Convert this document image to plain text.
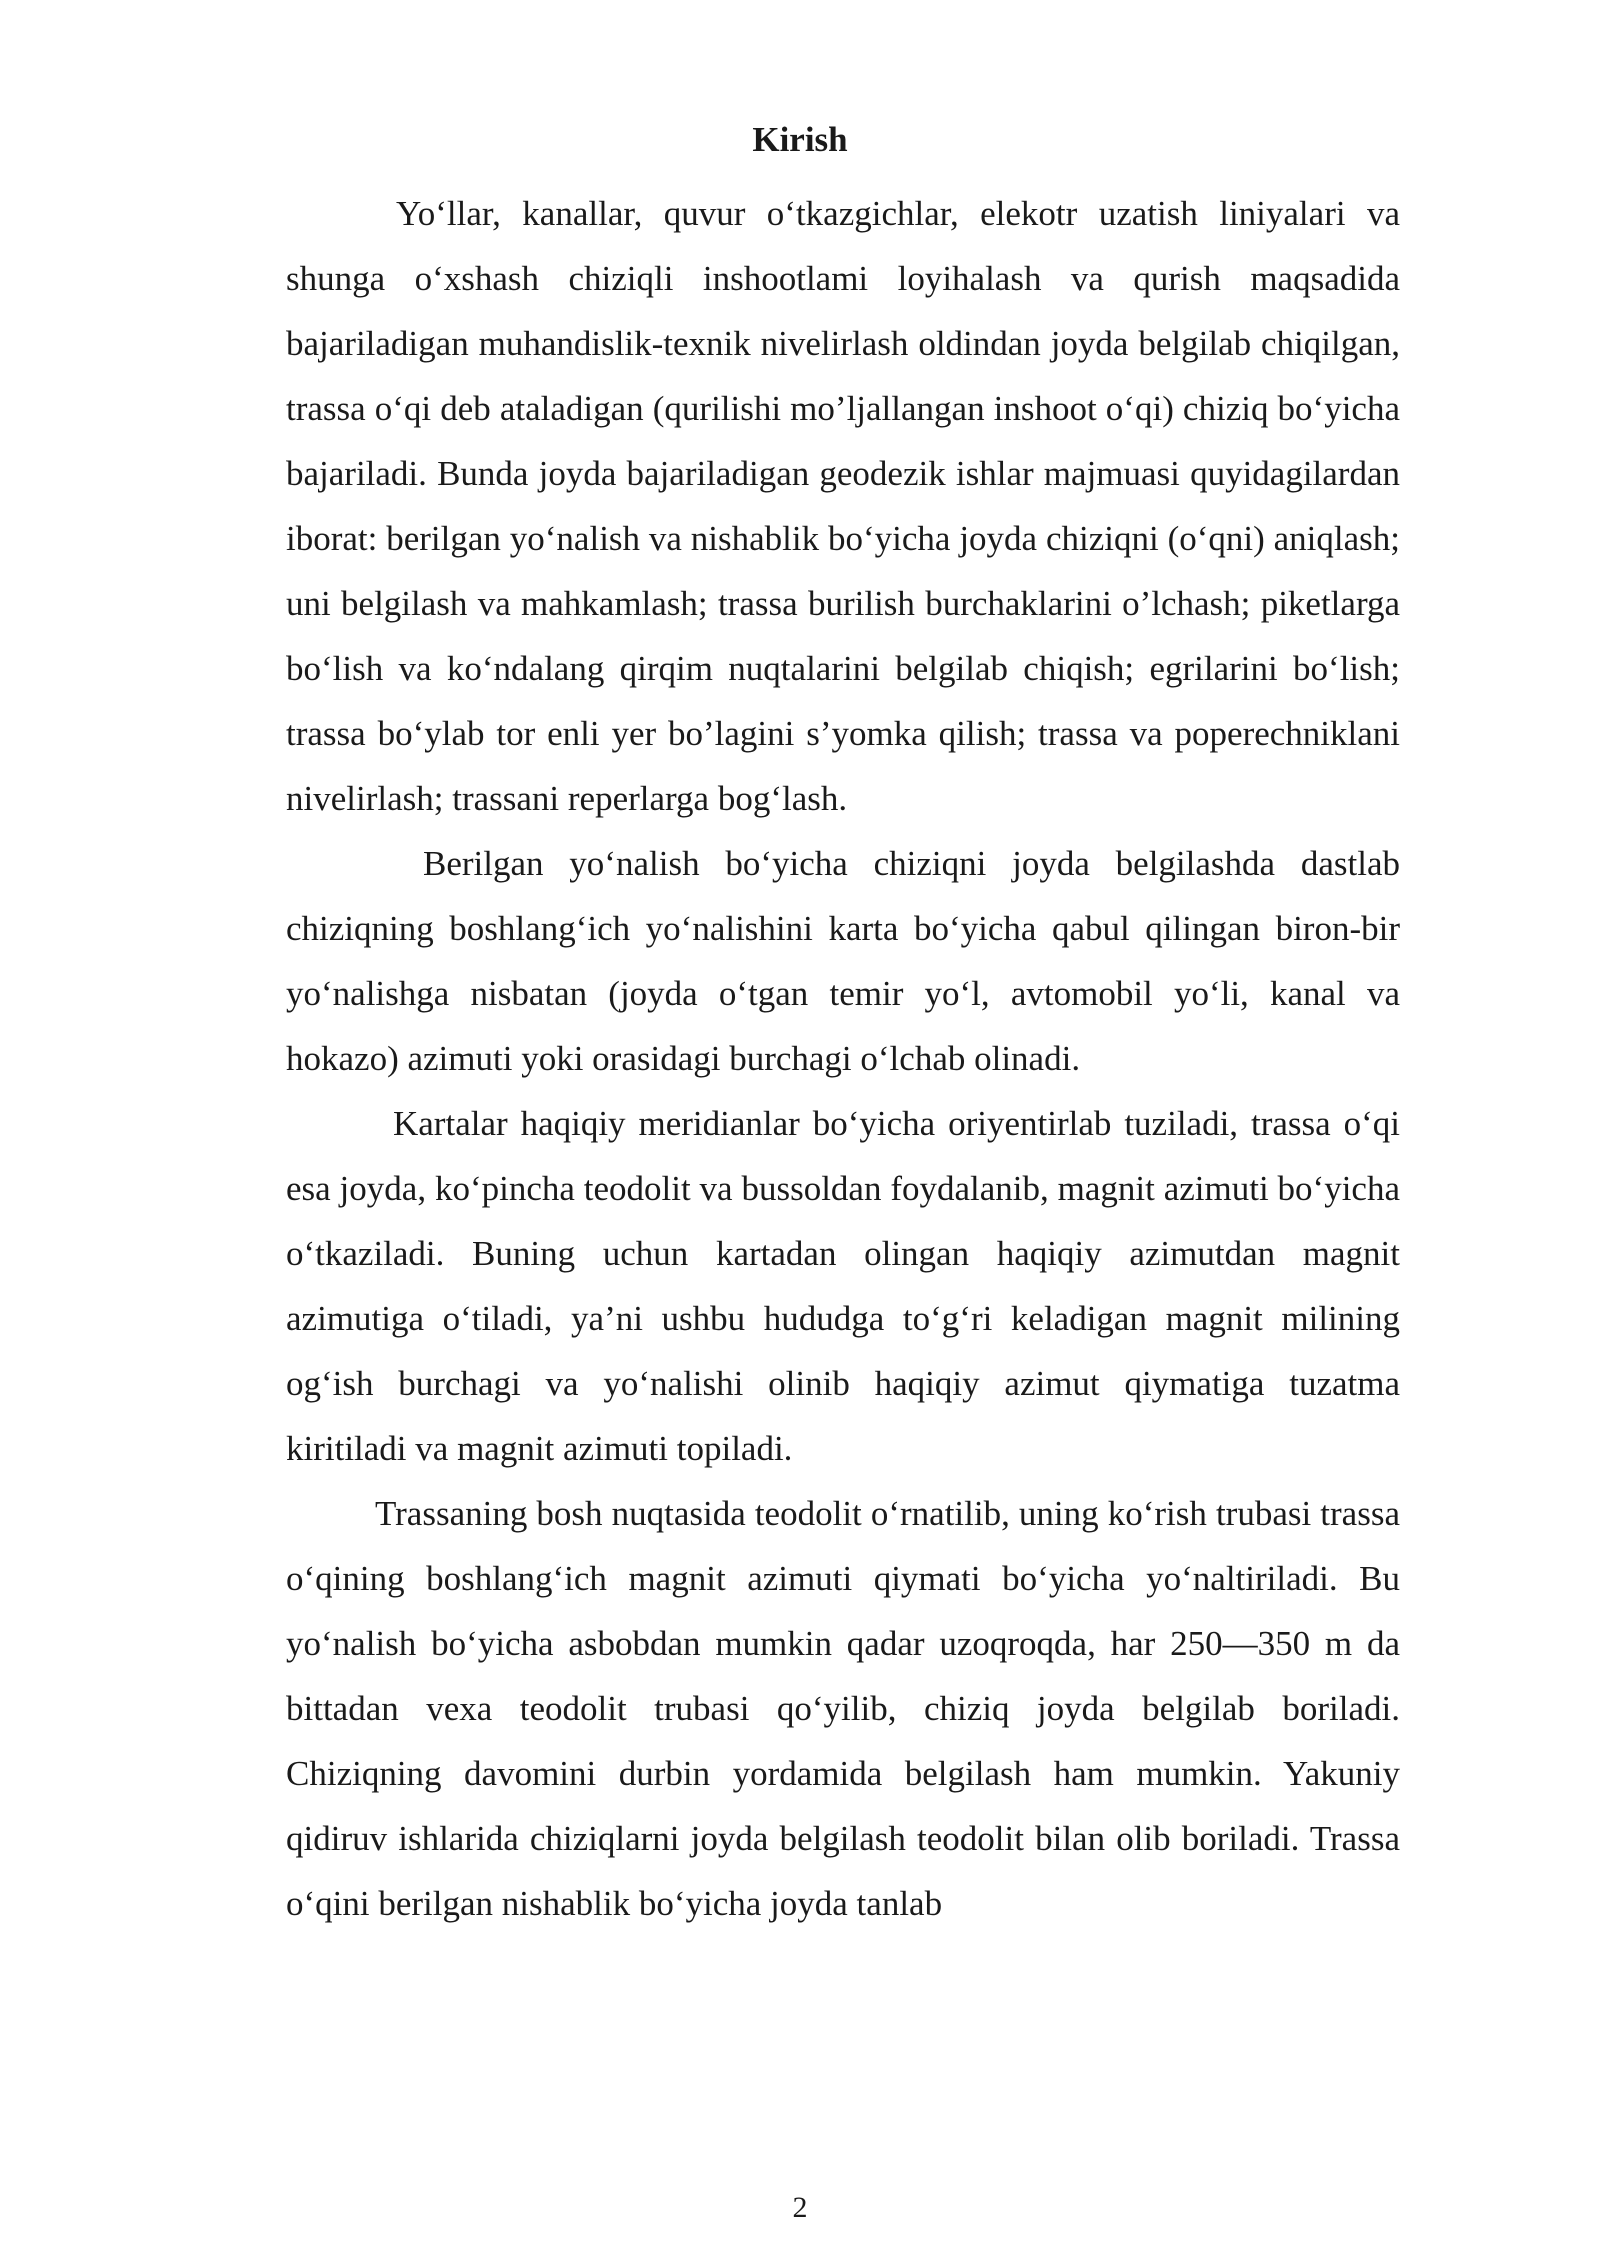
Kirish

Yo‘llar, kanallar, quvur o‘tkazgichlar, elekotr uzatish liniyalari va shunga o‘xshash chiziqli inshootlami loyihalash va qurish maqsadida bajariladigan muhandislik-texnik nivelirlash oldindan joyda belgilab chiqilgan, trassa o‘qi deb ataladigan (qurilishi mo’ljallangan inshoot o‘qi) chiziq bo‘yicha bajariladi. Bunda joyda bajariladigan geodezik ishlar majmuasi quyidagilardan iborat: berilgan yo‘nalish va nishablik bo‘yicha joyda chiziqni (o‘qni) aniqlash; uni belgilash va mahkamlash; trassa burilish burchaklarini o’lchash; piketlarga bo‘lish va ko‘ndalang qirqim nuqtalarini belgilab chiqish; egrilarini bo‘lish; trassa bo‘ylab tor enli yer bo’lagini s’yomka qilish; trassa va poperechniklani nivelirlash; trassani reperlarga bog‘lash.

Berilgan yo‘nalish bo‘yicha chiziqni joyda belgilashda dastlab chiziqning boshlang‘ich yo‘nalishini karta bo‘yicha qabul qilingan biron-bir yo‘nalishga nisbatan (joyda o‘tgan temir yo‘l, avtomobil yo‘li, kanal va hokazo) azimuti yoki orasidagi burchagi o‘lchab olinadi.

Kartalar haqiqiy meridianlar bo‘yicha oriyentirlab tuziladi, trassa o‘qi esa joyda, ko‘pincha teodolit va bussoldan foydalanib, magnit azimuti bo‘yicha o‘tkaziladi. Buning uchun kartadan olingan haqiqiy azimutdan magnit azimutiga o‘tiladi, ya’ni ushbu hududga to‘g‘ri keladigan magnit milining og‘ish burchagi va yo‘nalishi olinib haqiqiy azimut qiymatiga tuzatma kiritiladi va magnit azimuti topiladi.

Trassaning bosh nuqtasida teodolit o‘rnatilib, uning ko‘rish trubasi trassa o‘qining boshlang‘ich magnit azimuti qiymati bo‘yicha yo‘naltiriladi. Bu yo‘nalish bo‘yicha asbobdan mumkin qadar uzoqroqda, har 250—350 m da bittadan vexa teodolit trubasi qo‘yilib, chiziq joyda belgilab boriladi. Chiziqning davomini durbin yordamida belgilash ham mumkin. Yakuniy qidiruv ishlarida chiziqlarni joyda belgilash teodolit bilan olib boriladi. Trassa o‘qini berilgan nishablik bo‘yicha joyda tanlab

2
